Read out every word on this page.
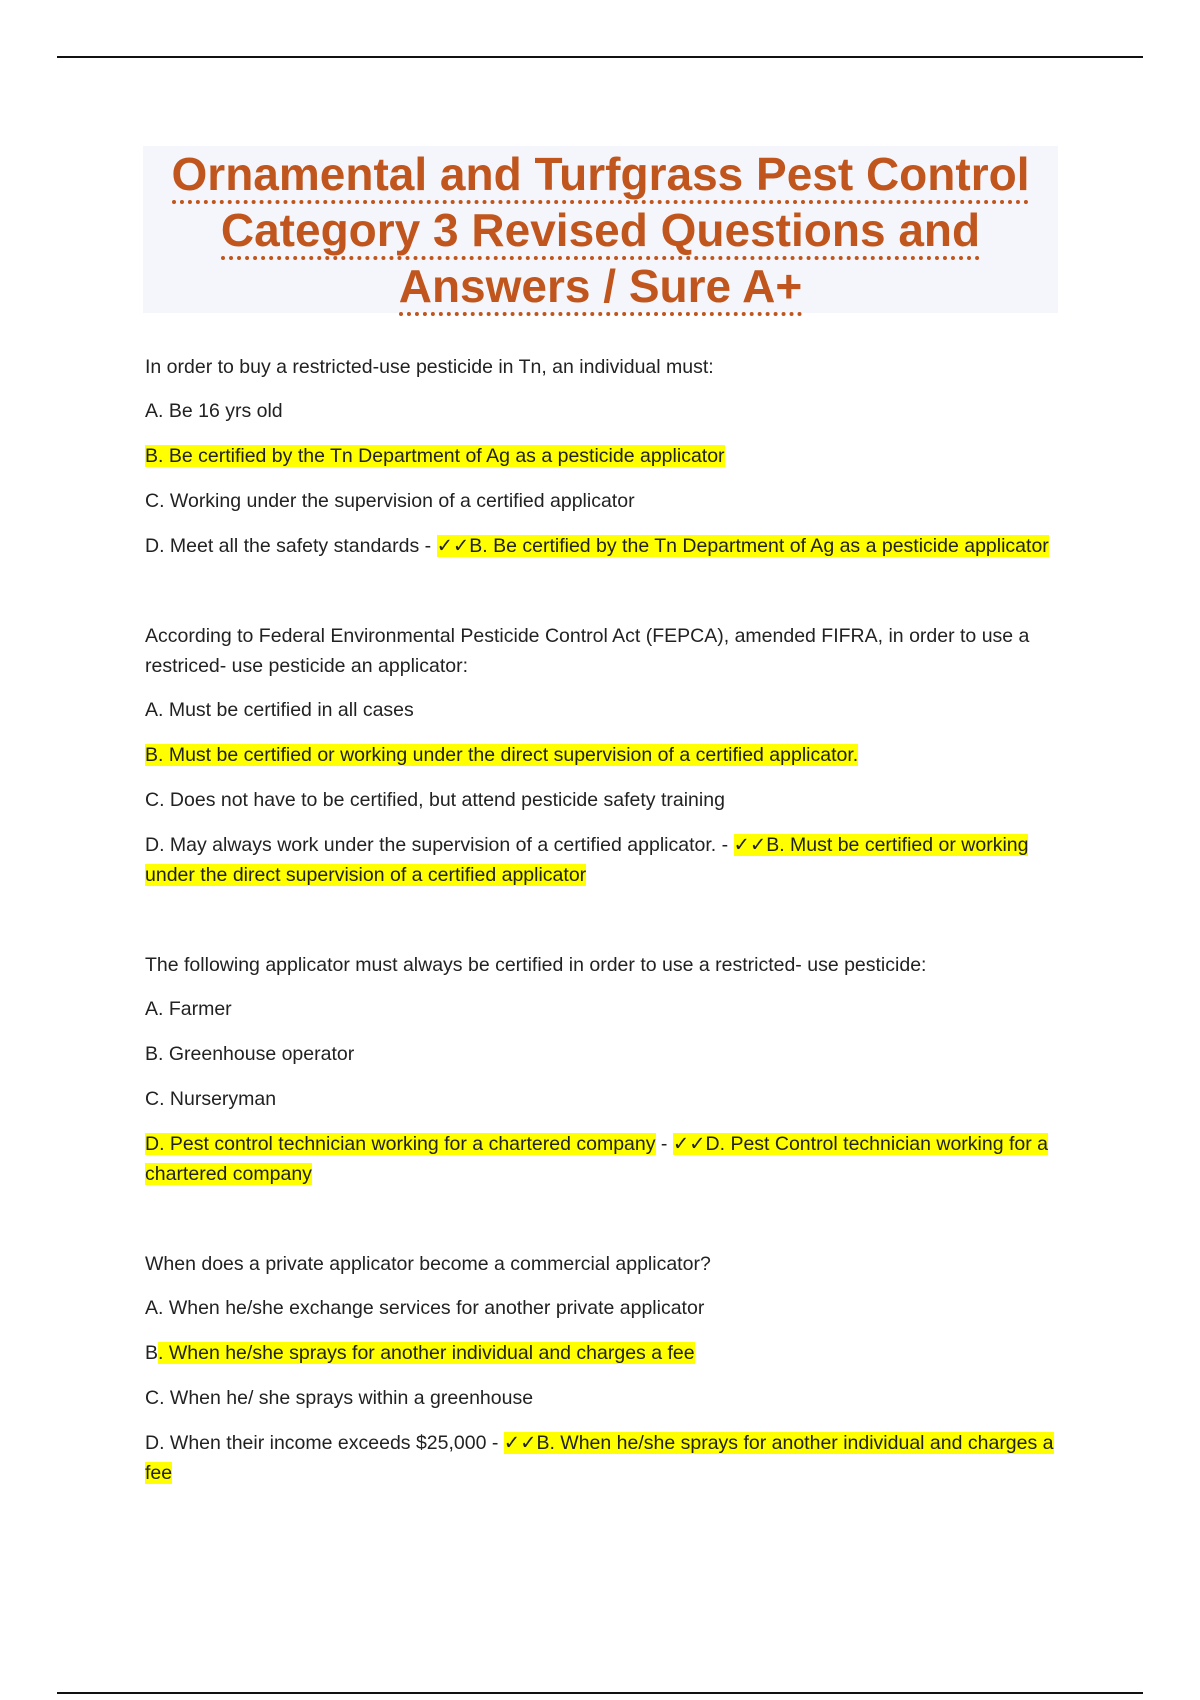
Ornamental and Turfgrass Pest Control
Category 3 Revised Questions and
Answers / Sure A+

In order to buy a restricted-use pesticide in Tn, an individual must:

A. Be 16 yrs old

B. Be certified by the Tn Department of Ag as a pesticide applicator

C. Working under the supervision of a certified applicator

D. Meet all the safety standards - ✓✓B. Be certified by the Tn Department of Ag as a pesticide applicator

According to Federal Environmental Pesticide Control Act (FEPCA), amended FIFRA, in order to use a restriced- use pesticide an applicator:

A. Must be certified in all cases

B. Must be certified or working under the direct supervision of a certified applicator.

C. Does not have to be certified, but attend pesticide safety training

D. May always work under the supervision of a certified applicator. - ✓✓B. Must be certified or working under the direct supervision of a certified applicator

The following applicator must always be certified in order to use a restricted- use pesticide:

A. Farmer

B. Greenhouse operator

C. Nurseryman

D. Pest control technician working for a chartered company - ✓✓D. Pest Control technician working for a chartered company

When does a private applicator become a commercial applicator?

A. When he/she exchange services for another private applicator

B. When he/she sprays for another individual and charges a fee

C. When he/ she sprays within a greenhouse

D. When their income exceeds $25,000 - ✓✓B. When he/she sprays for another individual and charges a fee
